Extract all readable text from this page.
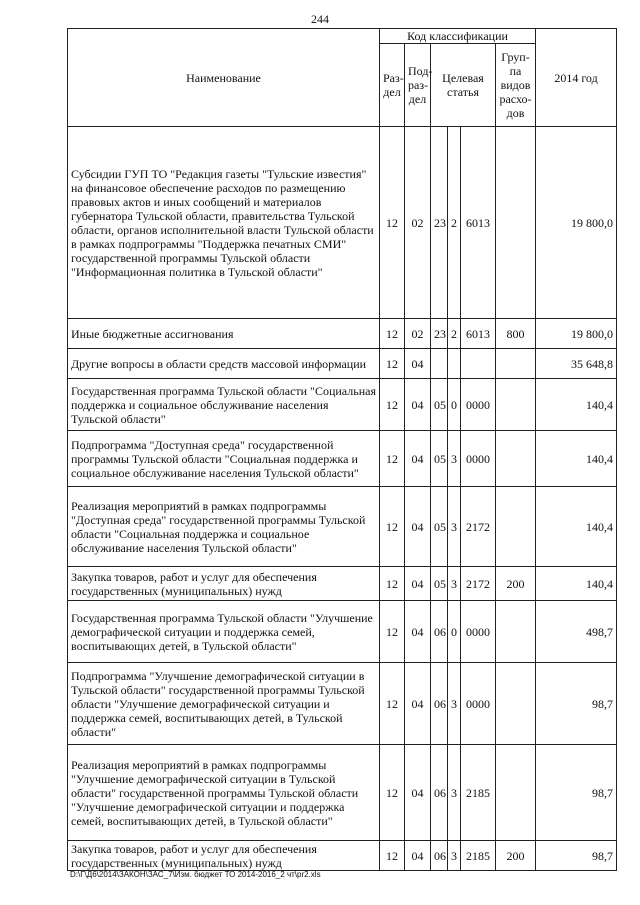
244
Наименование	Код классификации						2014 год
	Раз-дел	Под-раз-дел	Целевая статья			Груп-па видов расхо-дов	
Субсидии ГУП ТО "Редакция газеты "Тульские известия" на финансовое обеспечение расходов по размещению правовых актов и иных сообщений и материалов губернатора Тульской области, правительства Тульской области, органов исполнительной власти Тульской области в рамках подпрограммы "Поддержка печатных СМИ" государственной программы Тульской области "Информационная политика в Тульской области"	12	02	23	2	6013		19 800,0
Иные бюджетные ассигнования	12	02	23	2	6013	800	19 800,0
Другие вопросы в области средств массовой информации	12	04					35 648,8
Государственная программа Тульской области "Социальная поддержка и социальное обслуживание населения Тульской области"	12	04	05	0	0000		140,4
Подпрограмма "Доступная среда" государственной программы Тульской области "Социальная поддержка и социальное обслуживание населения Тульской области"	12	04	05	3	0000		140,4
Реализация мероприятий в рамках подпрограммы "Доступная среда" государственной программы Тульской области "Социальная поддержка и социальное обслуживание населения Тульской области"	12	04	05	3	2172		140,4
Закупка товаров, работ и услуг для обеспечения государственных (муниципальных) нужд	12	04	05	3	2172	200	140,4
Государственная программа Тульской области "Улучшение демографической ситуации и поддержка семей, воспитывающих детей, в Тульской области"	12	04	06	0	0000		498,7
Подпрограмма "Улучшение демографической ситуации в Тульской области" государственной программы Тульской области "Улучшение демографической ситуации и поддержка семей, воспитывающих детей, в Тульской области"	12	04	06	3	0000		98,7
Реализация мероприятий в рамках подпрограммы "Улучшение демографической ситуации в Тульской области" государственной программы Тульской области "Улучшение демографической ситуации и поддержка семей, воспитывающих детей, в Тульской области"	12	04	06	3	2185		98,7
Закупка товаров, работ и услуг для обеспечения государственных (муниципальных) нужд	12	04	06	3	2185	200	98,7
D:\Г\Д6\2014\ЗАКОН\ЗАС_7\Изм. бюджет ТО 2014-2016_2 чт\pr2.xls
